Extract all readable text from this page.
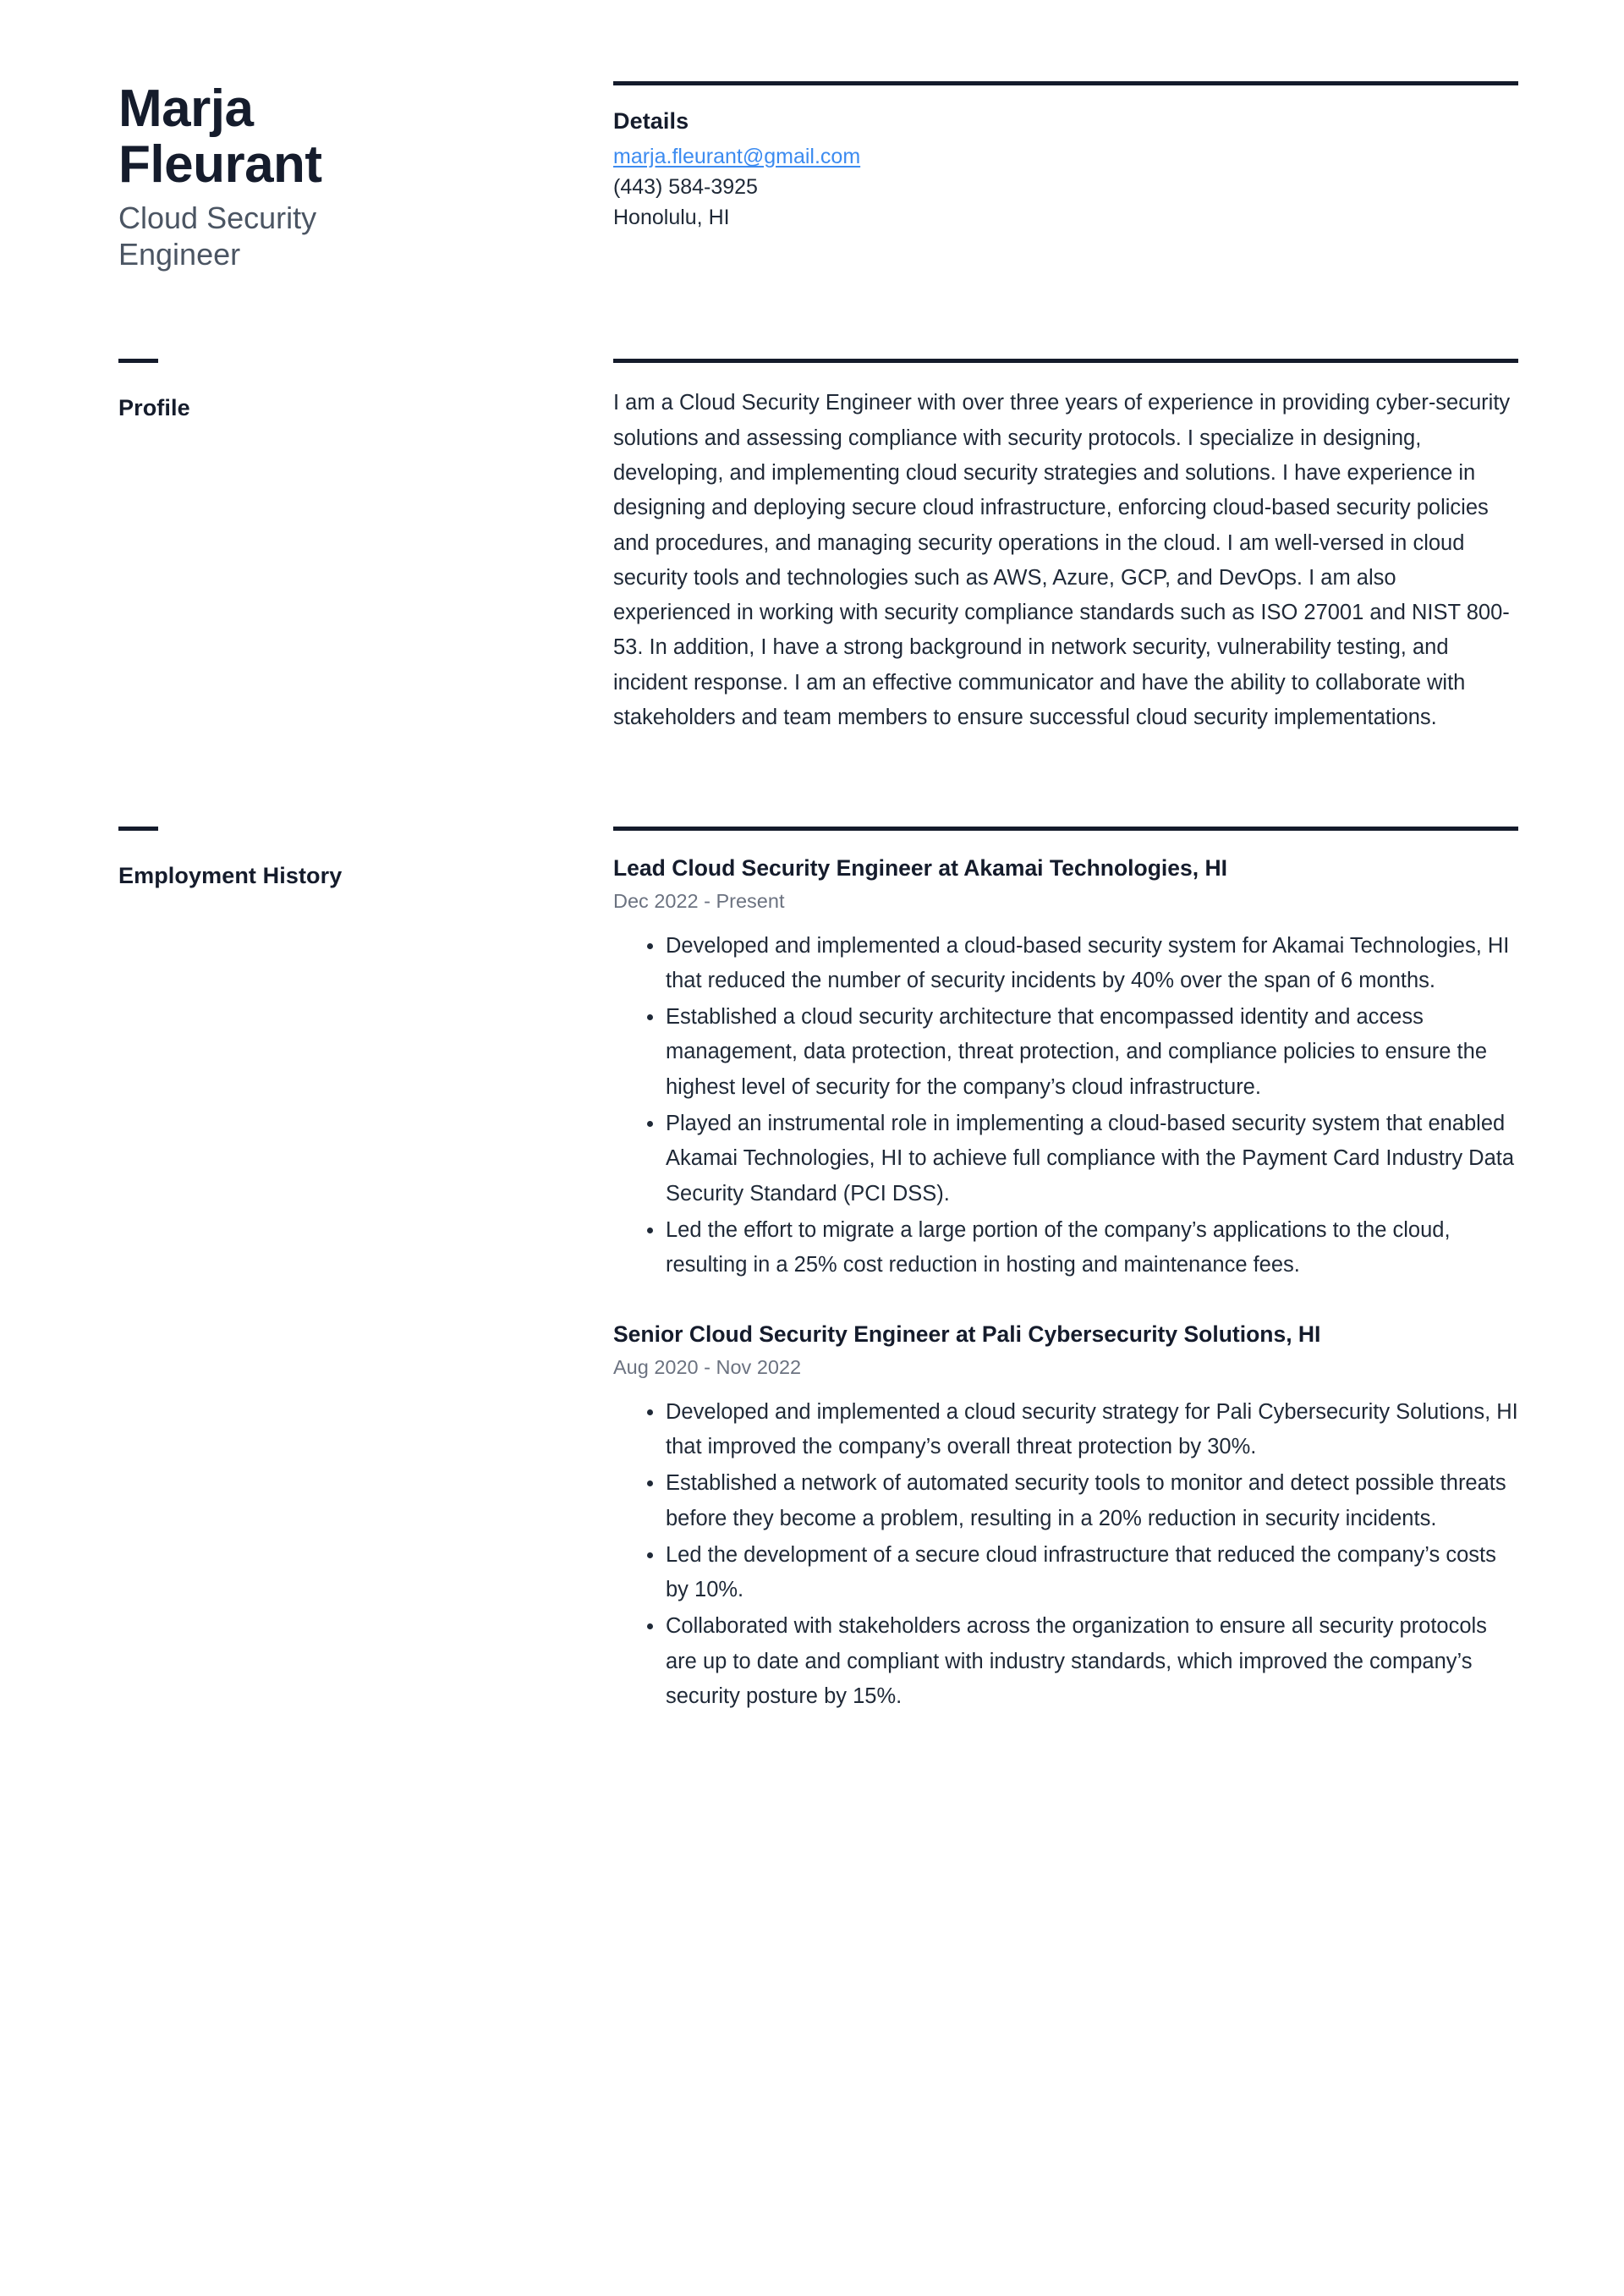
Marja
Fleurant
Cloud Security Engineer
Details
marja.fleurant@gmail.com
(443) 584-3925
Honolulu, HI
Profile	I am a Cloud Security Engineer with over three years of experience in providing cyber-security solutions and assessing compliance with security protocols. I specialize in designing, developing, and implementing cloud security strategies and solutions. I have experience in designing and deploying secure cloud infrastructure, enforcing cloud-based security policies and procedures, and managing security operations in the cloud. I am well-versed in cloud security tools and technologies such as AWS, Azure, GCP, and DevOps. I am also experienced in working with security compliance standards such as ISO 27001 and NIST 800-53. In addition, I have a strong background in network security, vulnerability testing, and incident response. I am an effective communicator and have the ability to collaborate with stakeholders and team members to ensure successful cloud security implementations.

Employment History	Lead Cloud Security Engineer at Akamai Technologies, HI
Dec 2022 - Present
Developed and implemented a cloud-based security system for Akamai Technologies, HI that reduced the number of security incidents by 40% over the span of 6 months.
Established a cloud security architecture that encompassed identity and access management, data protection, threat protection, and compliance policies to ensure the highest level of security for the company’s cloud infrastructure.
Played an instrumental role in implementing a cloud-based security system that enabled Akamai Technologies, HI to achieve full compliance with the Payment Card Industry Data Security Standard (PCI DSS).
Led the effort to migrate a large portion of the company’s applications to the cloud, resulting in a 25% cost reduction in hosting and maintenance fees.
Senior Cloud Security Engineer at Pali Cybersecurity Solutions, HI
Aug 2020 - Nov 2022
Developed and implemented a cloud security strategy for Pali Cybersecurity Solutions, HI that improved the company’s overall threat protection by 30%.
Established a network of automated security tools to monitor and detect possible threats before they become a problem, resulting in a 20% reduction in security incidents.
Led the development of a secure cloud infrastructure that reduced the company’s costs by 10%.
Collaborated with stakeholders across the organization to ensure all security protocols are up to date and compliant with industry standards, which improved the company’s security posture by 15%.
